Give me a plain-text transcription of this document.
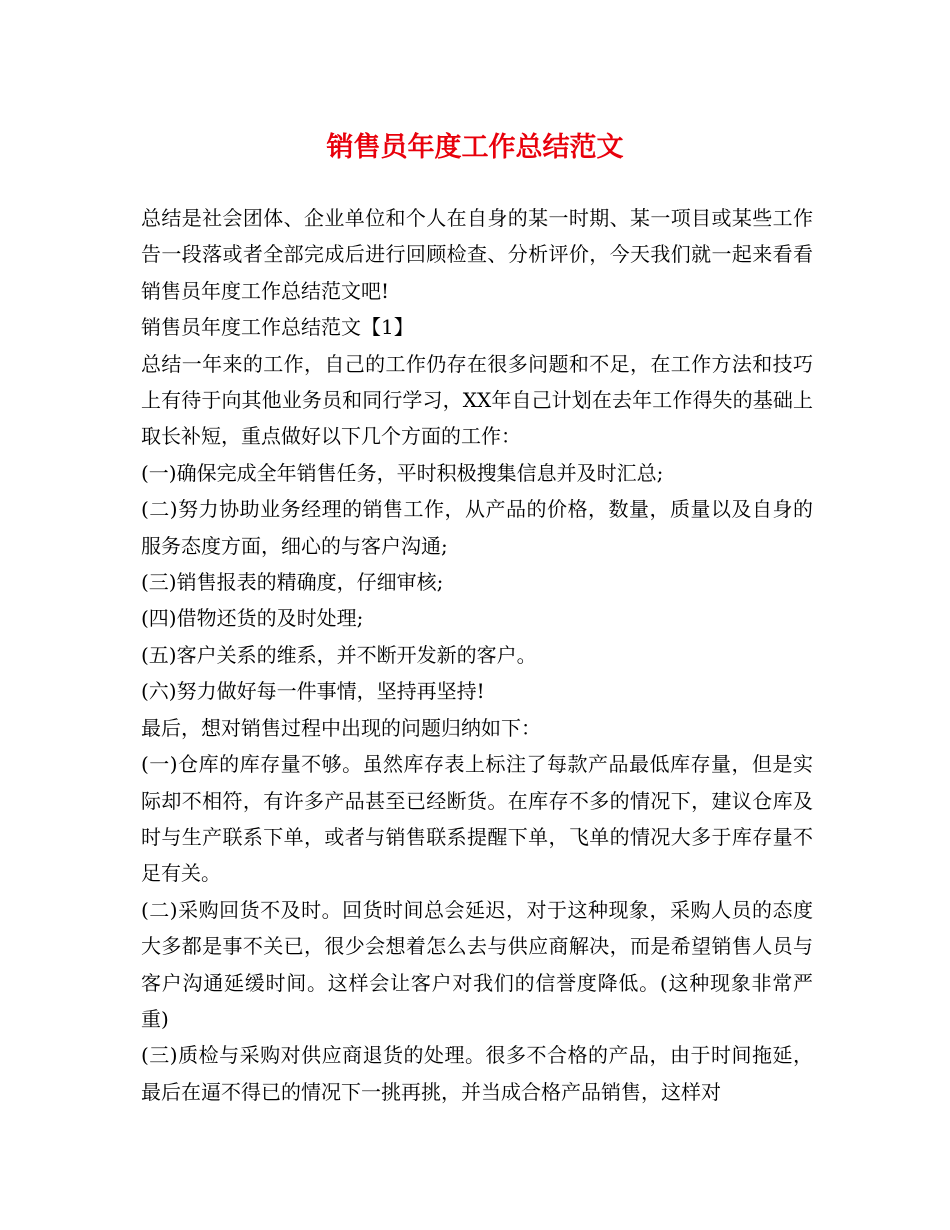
销售员年度工作总结范文

总结是社会团体、企业单位和个人在自身的某一时期、某一项目或某些工作告一段落或者全部完成后进行回顾检查、分析评价，今天我们就一起来看看销售员年度工作总结范文吧!

销售员年度工作总结范文【1】

总结一年来的工作，自己的工作仍存在很多问题和不足，在工作方法和技巧上有待于向其他业务员和同行学习，XX年自己计划在去年工作得失的基础上取长补短，重点做好以下几个方面的工作：

(一)确保完成全年销售任务，平时积极搜集信息并及时汇总;

(二)努力协助业务经理的销售工作，从产品的价格，数量，质量以及自身的服务态度方面，细心的与客户沟通;

(三)销售报表的精确度，仔细审核;

(四)借物还货的及时处理;

(五)客户关系的维系，并不断开发新的客户。

(六)努力做好每一件事情，坚持再坚持!

最后，想对销售过程中出现的问题归纳如下：

(一)仓库的库存量不够。虽然库存表上标注了每款产品最低库存量，但是实际却不相符，有许多产品甚至已经断货。在库存不多的情况下，建议仓库及时与生产联系下单，或者与销售联系提醒下单，飞单的情况大多于库存量不足有关。

(二)采购回货不及时。回货时间总会延迟，对于这种现象，采购人员的态度大多都是事不关已，很少会想着怎么去与供应商解决，而是希望销售人员与客户沟通延缓时间。这样会让客户对我们的信誉度降低。(这种现象非常严重)

(三)质检与采购对供应商退货的处理。很多不合格的产品，由于时间拖延，最后在逼不得已的情况下一挑再挑，并当成合格产品销售，这样对
